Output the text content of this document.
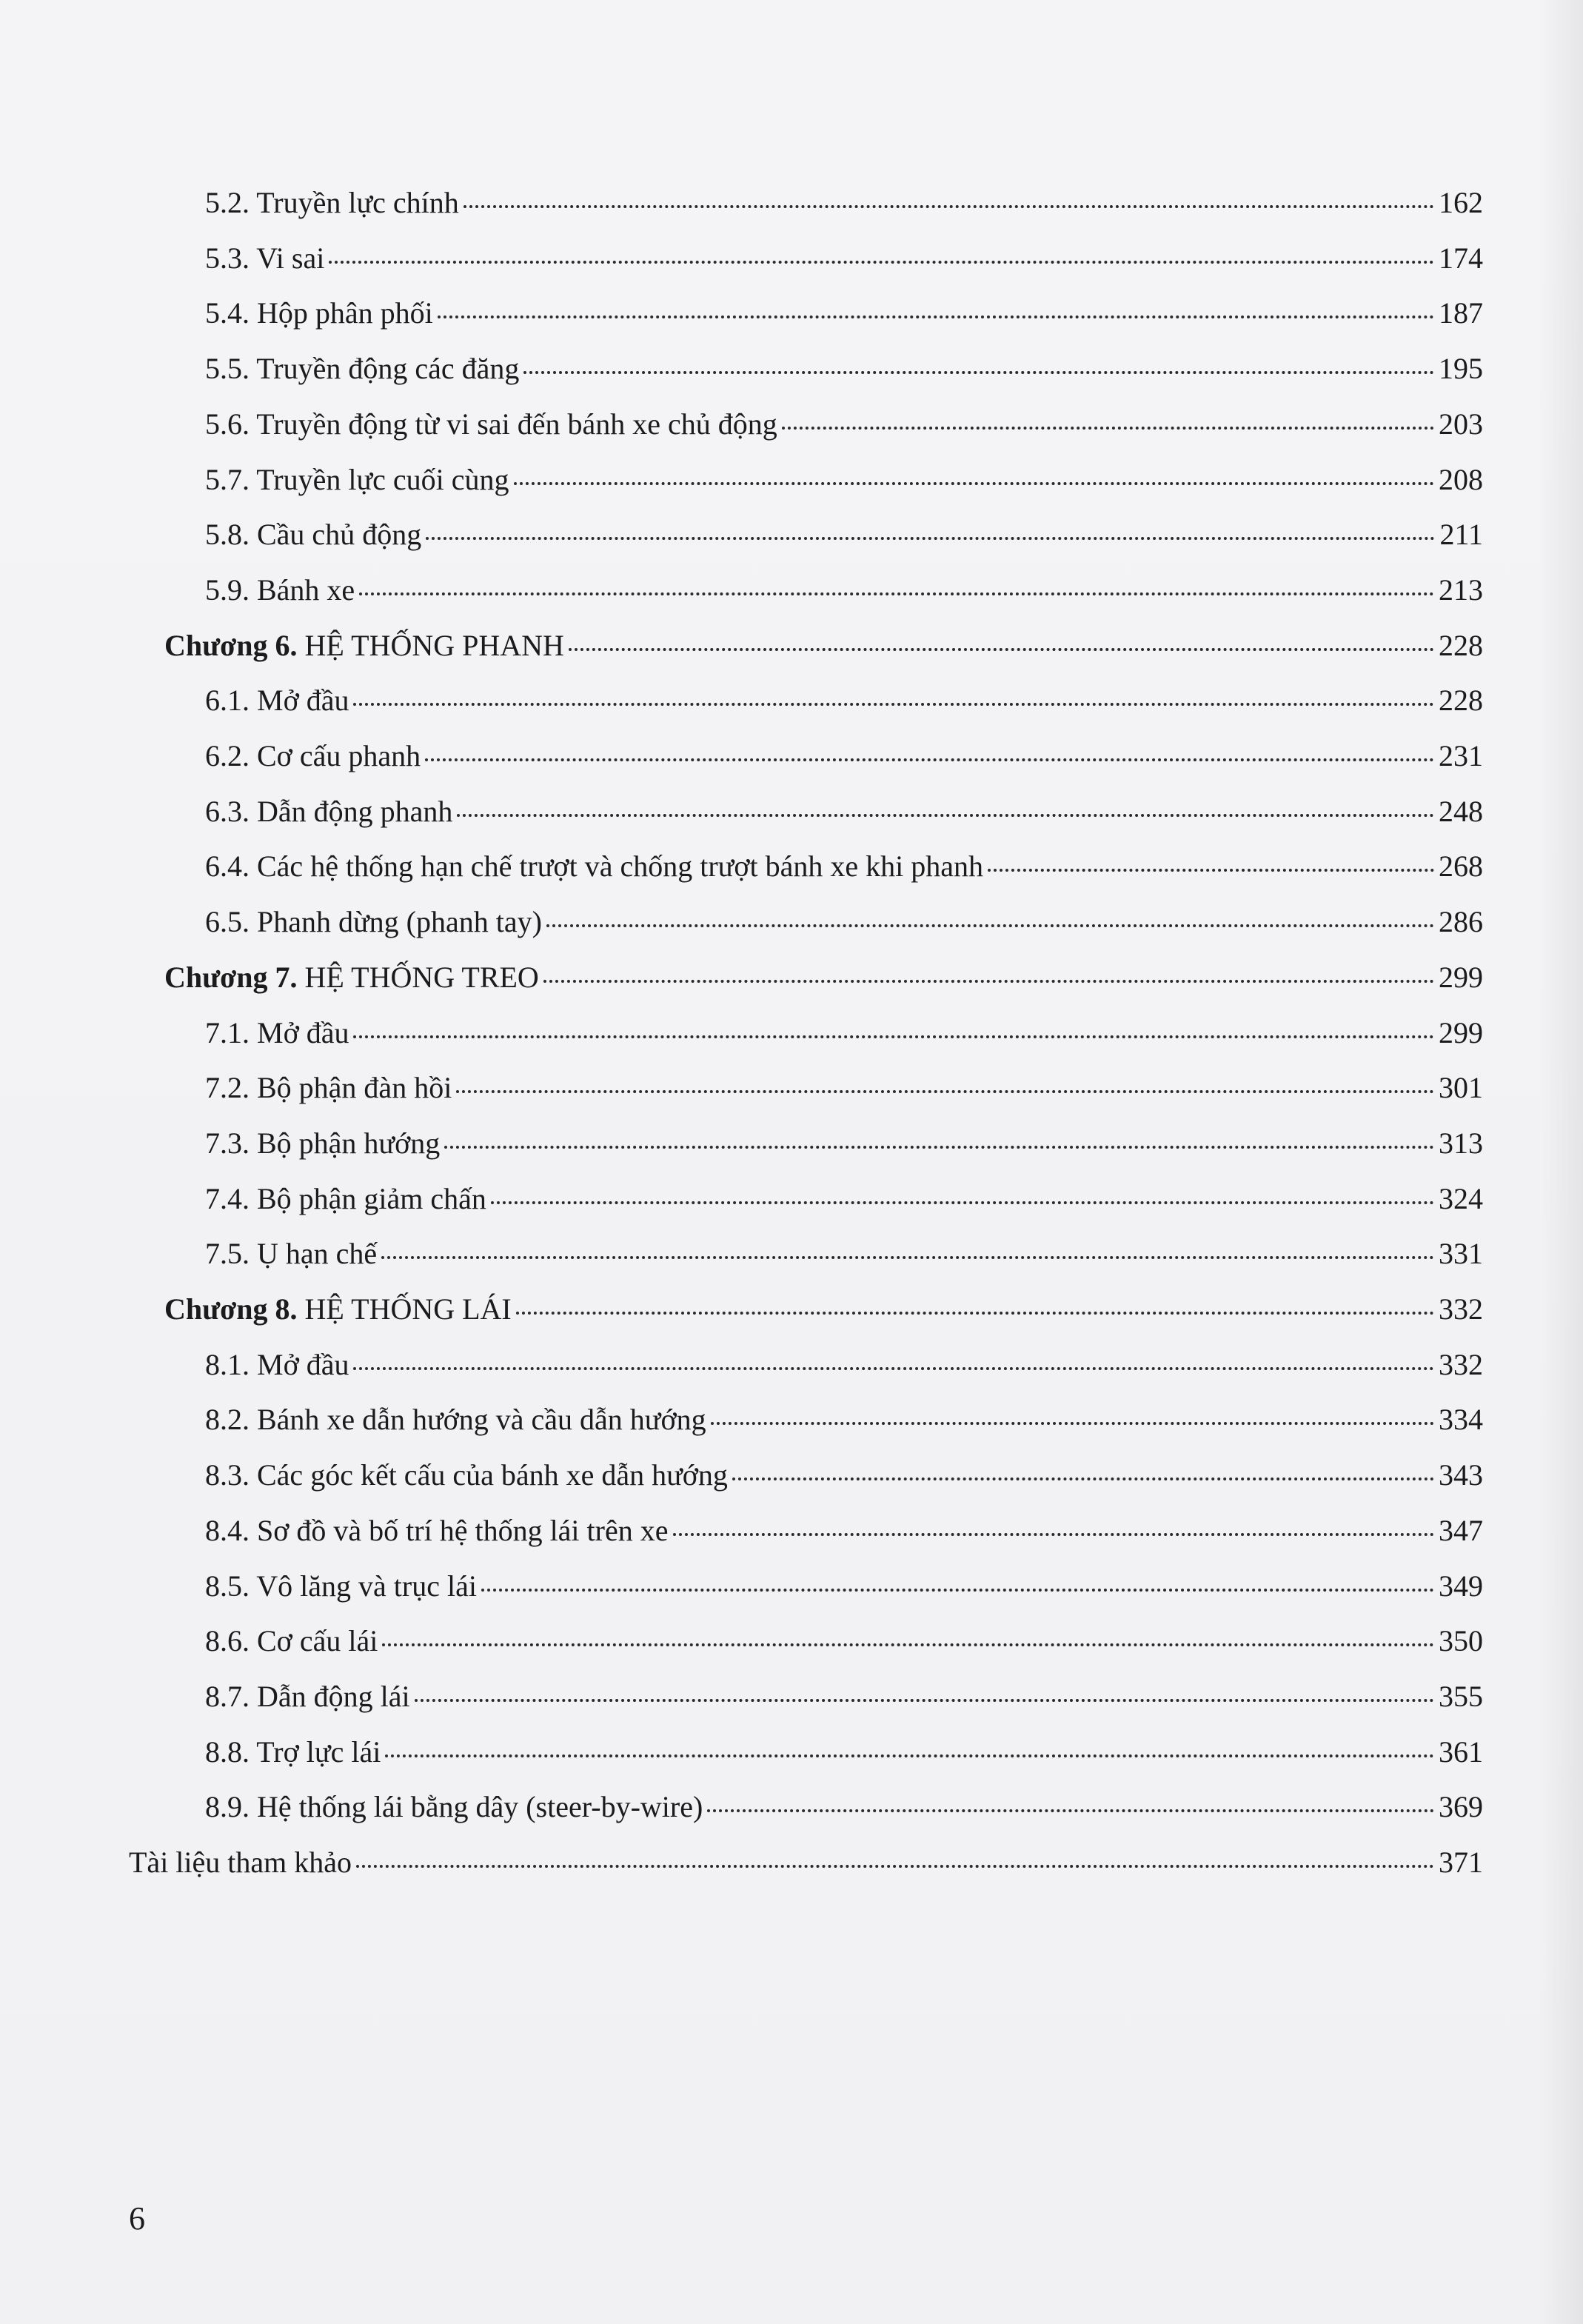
5.2. Truyền lực chính	162
5.3. Vi sai	174
5.4. Hộp phân phối	187
5.5. Truyền động các đăng	195
5.6. Truyền động từ vi sai đến bánh xe chủ động	203
5.7. Truyền lực cuối cùng	208
5.8. Cầu chủ động	211
5.9. Bánh xe	213
Chương 6. HỆ THỐNG PHANH	228
6.1. Mở đầu	228
6.2. Cơ cấu phanh	231
6.3. Dẫn động phanh	248
6.4. Các hệ thống hạn chế trượt và chống trượt bánh xe khi phanh	268
6.5. Phanh dừng (phanh tay)	286
Chương 7. HỆ THỐNG TREO	299
7.1. Mở đầu	299
7.2. Bộ phận đàn hồi	301
7.3. Bộ phận hướng	313
7.4. Bộ phận giảm chấn	324
7.5. Ụ hạn chế	331
Chương 8. HỆ THỐNG LÁI	332
8.1. Mở đầu	332
8.2. Bánh xe dẫn hướng và cầu dẫn hướng	334
8.3. Các góc kết cấu của bánh xe dẫn hướng	343
8.4. Sơ đồ và bố trí hệ thống lái trên xe	347
8.5. Vô lăng và trục lái	349
8.6. Cơ cấu lái	350
8.7. Dẫn động lái	355
8.8. Trợ lực lái	361
8.9. Hệ thống lái bằng dây (steer-by-wire)	369
Tài liệu tham khảo	371
6
